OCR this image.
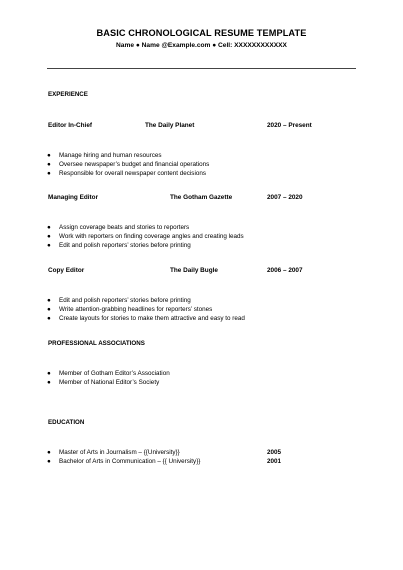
BASIC CHRONOLOGICAL RESUME TEMPLATE
Name ● Name @Example.com ● Cell: XXXXXXXXXXXX
EXPERIENCE
Editor In-Chief	The Daily Planet	2020 – Present
● Manage hiring and human resources
● Oversee newspaper’s budget and financial operations
● Responsible for overall newspaper content decisions
Managing Editor	The Gotham Gazette	2007 – 2020
● Assign coverage beats and stories to reporters
● Work with reporters on finding coverage angles and creating leads
● Edit and polish reporters’ stories before printing
Copy Editor	The Daily Bugle	2006 – 2007
● Edit and polish reporters’ stories before printing
● Write attention-grabbing headlines for reporters’ stones
● Create layouts for stories to make them attractive and easy to read
PROFESSIONAL ASSOCIATIONS
● Member of Gotham Editor’s Association
● Member of National Editor’s Society
EDUCATION
● Master of Arts in Journalism – {{University}}	2005
● Bachelor of Arts in Communication – {{ University}}	2001
